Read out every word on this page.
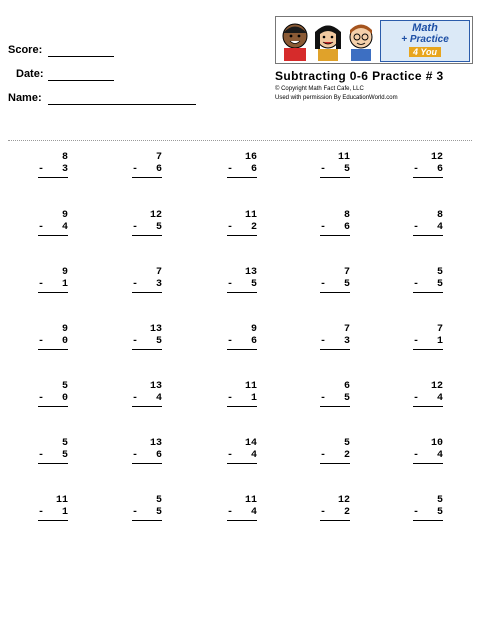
Score:
Date:
Name:
Math
+ Practice
4 You
Subtracting 0-6 Practice # 3
© Copyright Math Fact Cafe, LLC
Used with permission By EducationWorld.com
8
- 3
7
- 6
16
- 6
11
- 5
12
- 6
9
- 4
12
- 5
11
- 2
8
- 6
8
- 4
9
- 1
7
- 3
13
- 5
7
- 5
5
- 5
9
- 0
13
- 5
9
- 6
7
- 3
7
- 1
5
- 0
13
- 4
11
- 1
6
- 5
12
- 4
5
- 5
13
- 6
14
- 4
5
- 2
10
- 4
11
- 1
5
- 5
11
- 4
12
- 2
5
- 5
